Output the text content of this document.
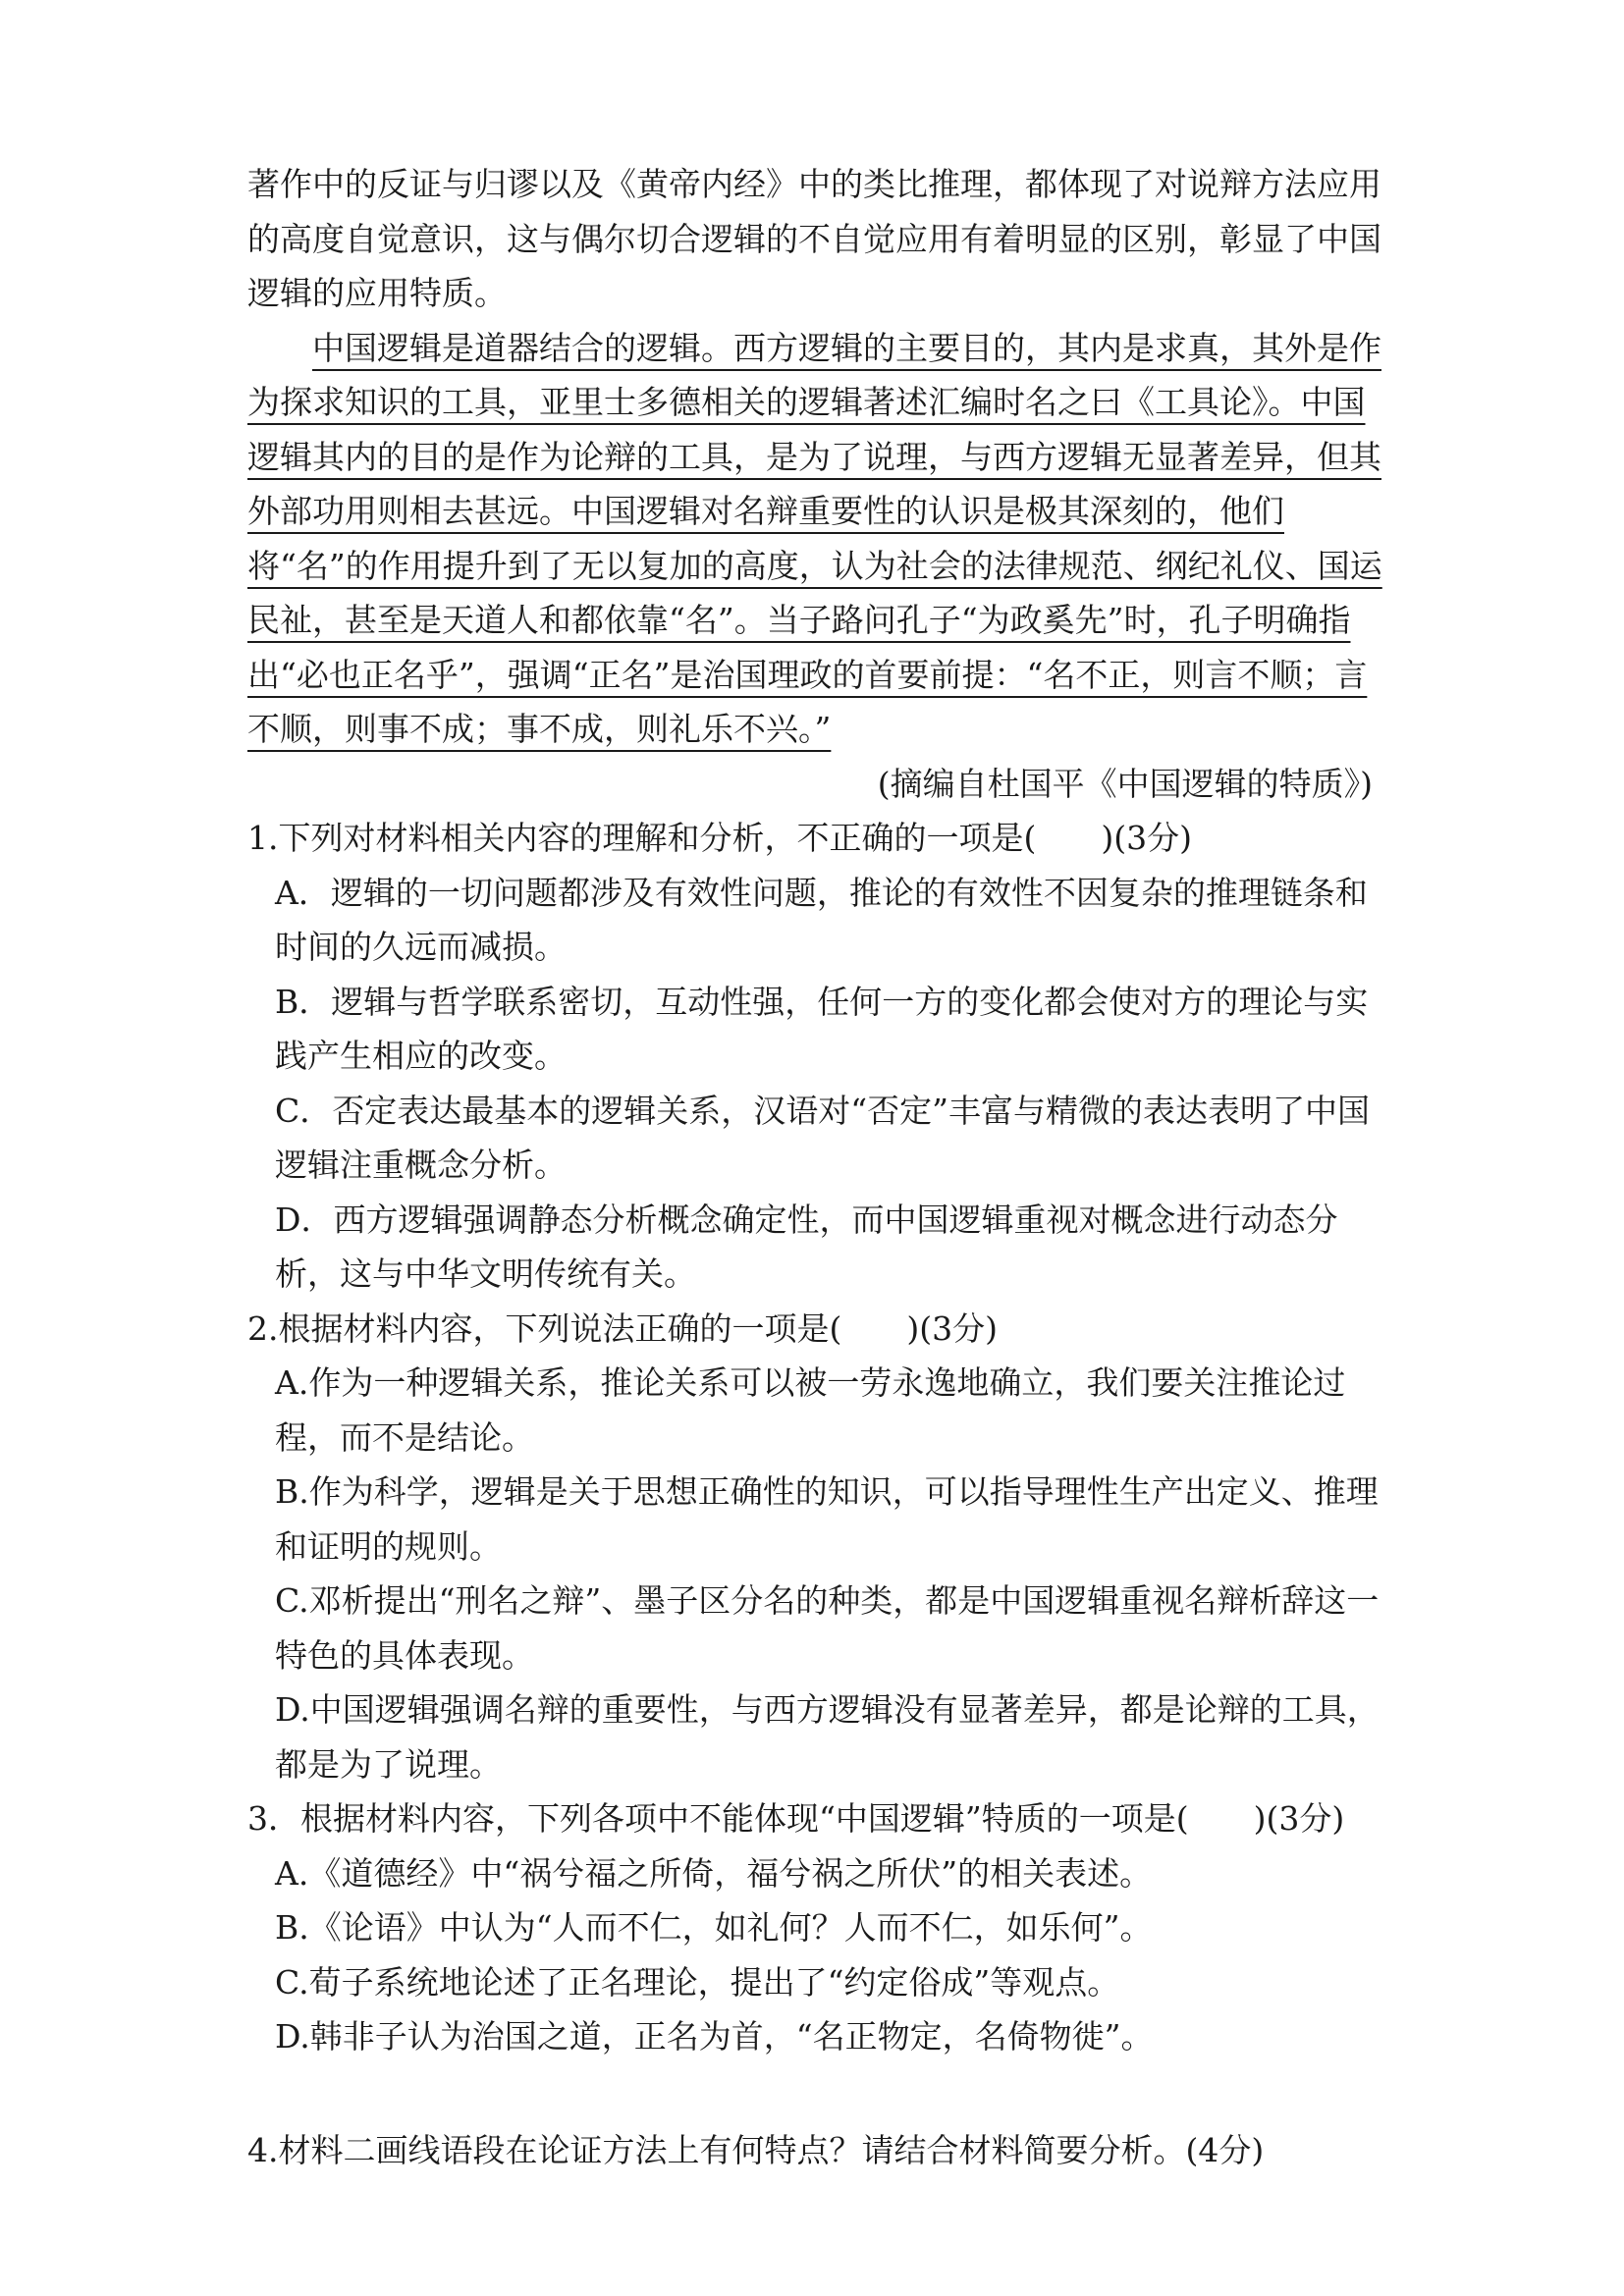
著作中的反证与归谬以及《黄帝内经》中的类比推理，都体现了对说辩方法应用的高度自觉意识，这与偶尔切合逻辑的不自觉应用有着明显的区别，彰显了中国逻辑的应用特质。

中国逻辑是道器结合的逻辑。西方逻辑的主要目的，其内是求真，其外是作为探求知识的工具，亚里士多德相关的逻辑著述汇编时名之曰《工具论》。中国逻辑其内的目的是作为论辩的工具，是为了说理，与西方逻辑无显著差异，但其外部功用则相去甚远。中国逻辑对名辩重要性的认识是极其深刻的，他们将“名”的作用提升到了无以复加的高度，认为社会的法律规范、纲纪礼仪、国运民祉，甚至是天道人和都依靠“名”。当子路问孔子“为政奚先”时，孔子明确指出“必也正名乎”，强调“正名”是治国理政的首要前提：“名不正，则言不顺；言不顺，则事不成；事不成，则礼乐不兴。”

(摘编自杜国平《中国逻辑的特质》)

1.下列对材料相关内容的理解和分析，不正确的一项是(　　)(3分)

A．逻辑的一切问题都涉及有效性问题，推论的有效性不因复杂的推理链条和时间的久远而减损。

B．逻辑与哲学联系密切，互动性强，任何一方的变化都会使对方的理论与实践产生相应的改变。

C．否定表达最基本的逻辑关系，汉语对“否定”丰富与精微的表达表明了中国逻辑注重概念分析。

D．西方逻辑强调静态分析概念确定性，而中国逻辑重视对概念进行动态分析，这与中华文明传统有关。

2.根据材料内容，下列说法正确的一项是(　　)(3分)

A.作为一种逻辑关系，推论关系可以被一劳永逸地确立，我们要关注推论过程，而不是结论。

B.作为科学，逻辑是关于思想正确性的知识，可以指导理性生产出定义、推理和证明的规则。

C.邓析提出“刑名之辩”、墨子区分名的种类，都是中国逻辑重视名辩析辞这一特色的具体表现。

D.中国逻辑强调名辩的重要性，与西方逻辑没有显著差异，都是论辩的工具，都是为了说理。

3．根据材料内容，下列各项中不能体现“中国逻辑”特质的一项是(　　)(3分)

A.《道德经》中“祸兮福之所倚，福兮祸之所伏”的相关表述。

B.《论语》中认为“人而不仁，如礼何？人而不仁，如乐何”。

C.荀子系统地论述了正名理论，提出了“约定俗成”等观点。

D.韩非子认为治国之道，正名为首，“名正物定，名倚物徙”。

4.材料二画线语段在论证方法上有何特点？请结合材料简要分析。(4分)
